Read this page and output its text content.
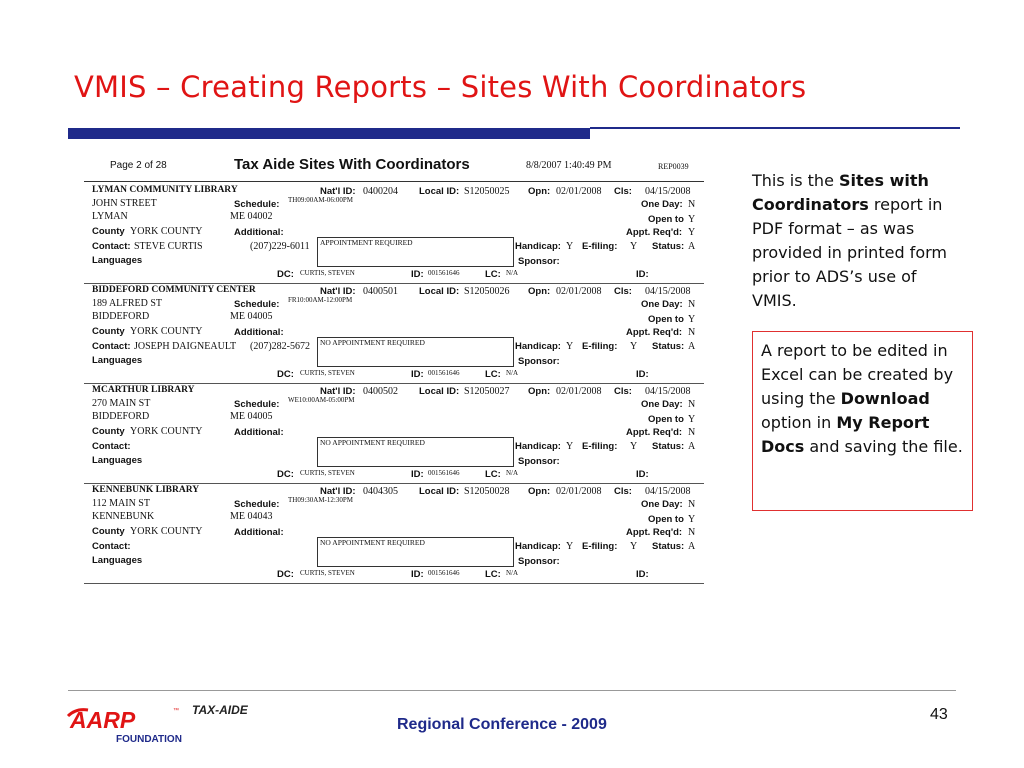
VMIS – Creating Reports – Sites With Coordinators
Page 2 of 28	Tax Aide Sites With Coordinators	8/8/2007 1:40:49 PM	REP0039
LYMAN COMMUNITY LIBRARY	Nat'l ID: 0400204 Local ID: S12050025 Opn: 02/01/2008 Cls: 04/15/2008
JOHN STREET	Schedule: TH09:00AM-06:00PM	One Day: N
LYMAN	ME 04002	Open to Y
County YORK COUNTY	Additional:	Appt. Req'd: Y
Contact: STEVE CURTIS	(207)229-6011	Handicap: Y E-filing: Y Status: A
Languages	Sponsor:
DC: CURTIS, STEVEN	ID: 001561646	LC: N/A	ID:
APPOINTMENT REQUIRED
BIDDEFORD COMMUNITY CENTER	Nat'l ID: 0400501 Local ID: S12050026 Opn: 02/01/2008 Cls: 04/15/2008
189 ALFRED ST	Schedule: FR10:00AM-12:00PM	One Day: N
BIDDEFORD	ME 04005	Open to Y
County YORK COUNTY	Additional:	Appt. Req'd: N
Contact: JOSEPH DAIGNEAULT (207)282-5672	Handicap: Y E-filing: Y Status: A
Languages	Sponsor:
DC: CURTIS, STEVEN	ID: 001561646	LC: N/A	ID:
NO APPOINTMENT REQUIRED
MCARTHUR LIBRARY	Nat'l ID: 0400502 Local ID: S12050027 Opn: 02/01/2008 Cls: 04/15/2008
270 MAIN ST	Schedule: WE10:00AM-05:00PM	One Day: N
BIDDEFORD	ME 04005	Open to Y
County YORK COUNTY	Additional:	Appt. Req'd: N
Contact:	Handicap: Y E-filing: Y Status: A
Languages	Sponsor:
DC: CURTIS, STEVEN	ID: 001561646	LC: N/A	ID:
NO APPOINTMENT REQUIRED
KENNEBUNK LIBRARY	Nat'l ID: 0404305 Local ID: S12050028 Opn: 02/01/2008 Cls: 04/15/2008
112 MAIN ST	Schedule: TH09:30AM-12:30PM	One Day: N
KENNEBUNK	ME 04043	Open to Y
County YORK COUNTY	Additional:	Appt. Req'd: N
Contact:	Handicap: Y E-filing: Y Status: A
Languages	Sponsor:
DC: CURTIS, STEVEN	ID: 001561646	LC: N/A	ID:
NO APPOINTMENT REQUIRED
This is the Sites with Coordinators report in PDF format – as was provided in printed form prior to ADS’s use of VMIS.
A report to be edited in Excel can be created by using the Download option in My Report Docs and saving the file.
AARP	™
FOUNDATION
TAX-AIDE
Regional Conference - 2009
43
